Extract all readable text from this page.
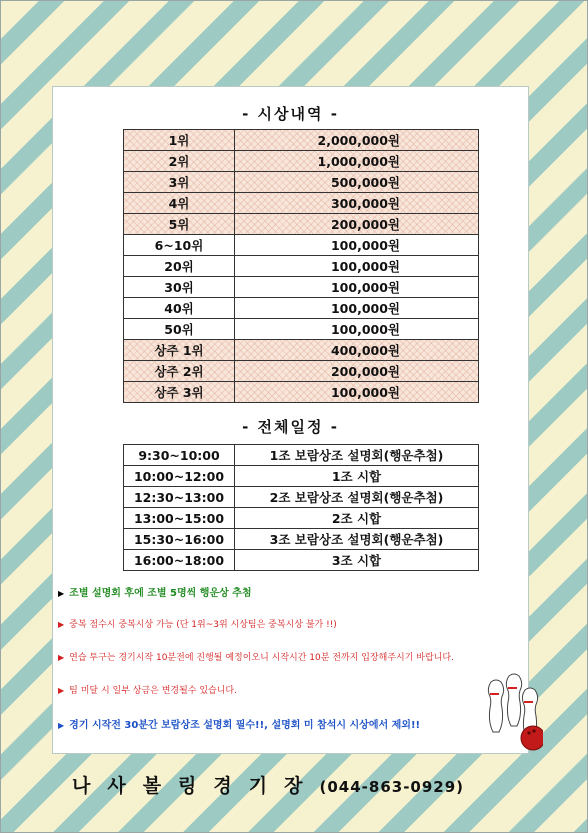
- 시상내역 -
1위	2,000,000원
2위	1,000,000원
3위	500,000원
4위	300,000원
5위	200,000원
6~10위	100,000원
20위	100,000원
30위	100,000원
40위	100,000원
50위	100,000원
상주 1위	400,000원
상주 2위	200,000원
상주 3위	100,000원
- 전체일정 -
9:30~10:00	1조 보람상조 설명회(행운추첨)
10:00~12:00	1조 시합
12:30~13:00	2조 보람상조 설명회(행운추첨)
13:00~15:00	2조 시합
15:30~16:00	3조 보람상조 설명회(행운추첨)
16:00~18:00	3조 시합
▶ 조별 설명회 후에 조별 5명씩 행운상 추첨
▶ 중복 점수시 중복시상 가능 (단 1위~3위 시상팀은 중복시상 불가 !!)
▶ 연습 투구는 경기시작 10분전에 진행될 예정이오니 시작시간 10분 전까지 입장해주시기 바랍니다.
▶ 팀 미달 시 일부 상금은 변경될수 있습니다.
▶ 경기 시작전 30분간 보람상조 설명회 필수!!, 설명회 미 참석시 시상에서 제외!!
나사볼링경기장(044-863-0929)
